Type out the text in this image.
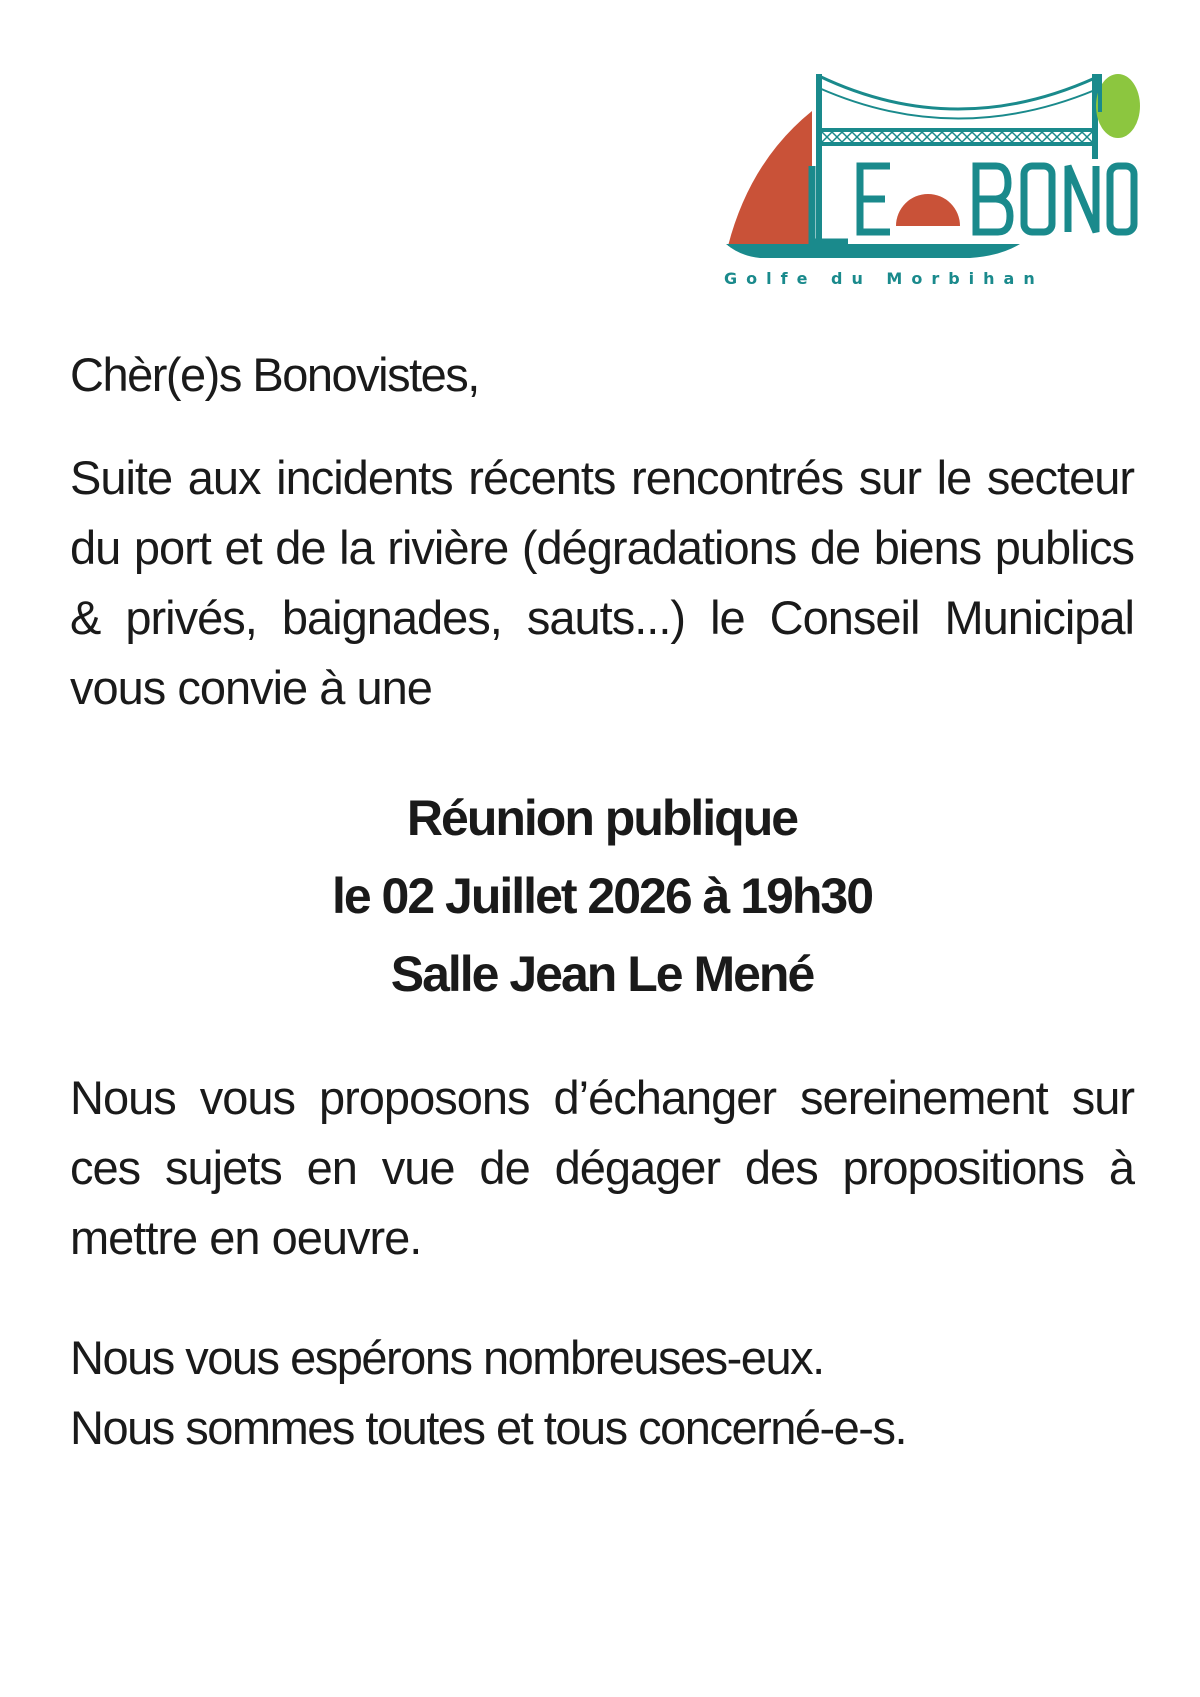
Golfe du Morbihan

Chèr(e)s Bonovistes,

Suite aux incidents récents rencontrés sur le secteur du port et de la rivière (dégradations de biens publics & privés, baignades, sauts...) le Conseil Municipal vous convie à une

Réunion publique
le 02 Juillet 2026 à 19h30
Salle Jean Le Mené

Nous vous proposons d’échanger sereinement sur ces sujets en vue de dégager des propositions à mettre en oeuvre.

Nous vous espérons nombreuses-eux.
Nous sommes toutes et tous concerné-e-s.
